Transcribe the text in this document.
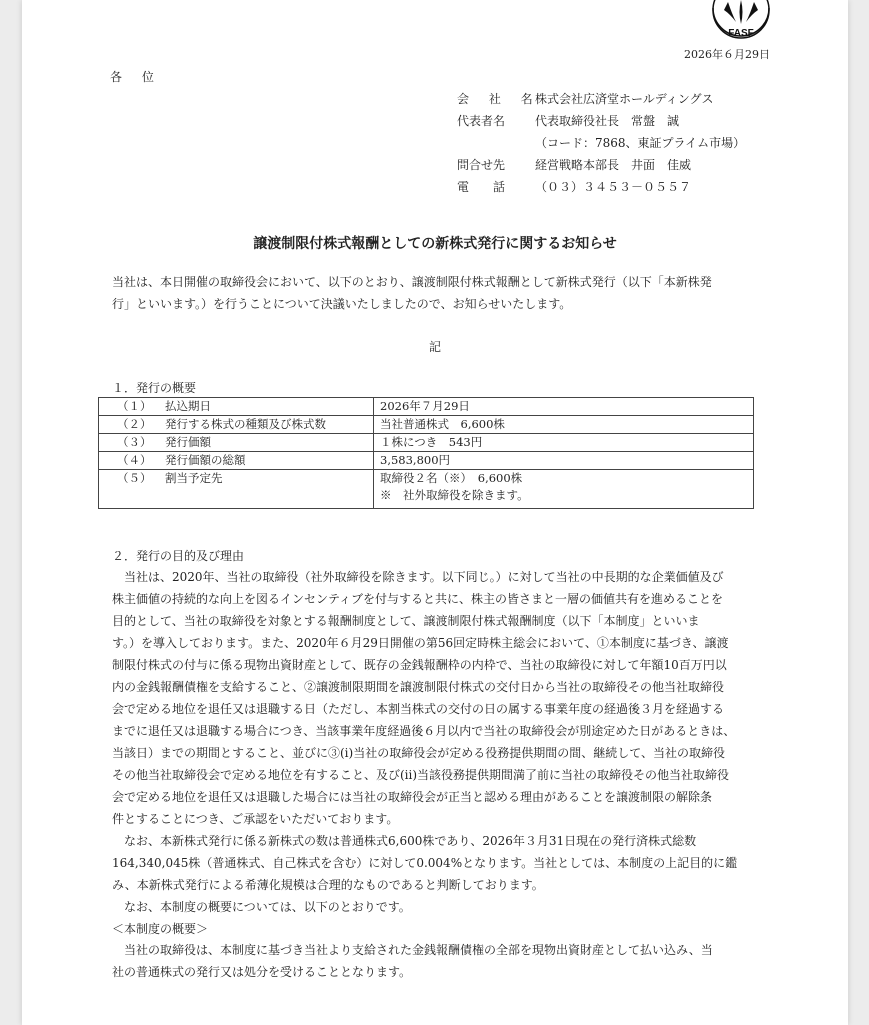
FASF
2026年６月29日
各 位
会 社 名株式会社広済堂ホールディングス
代表者名 代表取締役社長　常盤　誠
（コード：7868、東証プライム市場）
問合せ先 経営戦略本部長　井面　佳威
電　　話 （０３）３４５３－０５５７
譲渡制限付株式報酬としての新株式発行に関するお知らせ
当社は、本日開催の取締役会において、以下のとおり、譲渡制限付株式報酬として新株式発行（以下「本新株発
行」といいます。）を行うことについて決議いたしましたので、お知らせいたします。
記
１．発行の概要
（１） 払込期日	2026年７月29日
（２） 発行する株式の種類及び株式数	当社普通株式　6,600株
（３） 発行価額	１株につき　543円
（４） 発行価額の総額	3,583,800円
（５） 割当予定先	取締役２名（※）　6,600株
※　社外取締役を除きます。
２．発行の目的及び理由
　当社は、2020年、当社の取締役（社外取締役を除きます。以下同じ。）に対して当社の中長期的な企業価値及び
株主価値の持続的な向上を図るインセンティブを付与すると共に、株主の皆さまと一層の価値共有を進めることを
目的として、当社の取締役を対象とする報酬制度として、譲渡制限付株式報酬制度（以下「本制度」といいま
す。）を導入しております。また、2020年６月29日開催の第56回定時株主総会において、①本制度に基づき、譲渡
制限付株式の付与に係る現物出資財産として、既存の金銭報酬枠の内枠で、当社の取締役に対して年額10百万円以
内の金銭報酬債権を支給すること、②譲渡制限期間を譲渡制限付株式の交付日から当社の取締役その他当社取締役
会で定める地位を退任又は退職する日（ただし、本割当株式の交付の日の属する事業年度の経過後３月を経過する
までに退任又は退職する場合につき、当該事業年度経過後６月以内で当社の取締役会が別途定めた日があるときは、
当該日）までの期間とすること、並びに③(i)当社の取締役会が定める役務提供期間の間、継続して、当社の取締役
その他当社取締役会で定める地位を有すること、及び(ii)当該役務提供期間満了前に当社の取締役その他当社取締役
会で定める地位を退任又は退職した場合には当社の取締役会が正当と認める理由があることを譲渡制限の解除条
件とすることにつき、ご承認をいただいております。
　なお、本新株式発行に係る新株式の数は普通株式6,600株であり、2026年３月31日現在の発行済株式総数
164,340,045株（普通株式、自己株式を含む）に対して0.004%となります。当社としては、本制度の上記目的に鑑
み、本新株式発行による希薄化規模は合理的なものであると判断しております。
　なお、本制度の概要については、以下のとおりです。
＜本制度の概要＞
　当社の取締役は、本制度に基づき当社より支給された金銭報酬債権の全部を現物出資財産として払い込み、当
社の普通株式の発行又は処分を受けることとなります。
